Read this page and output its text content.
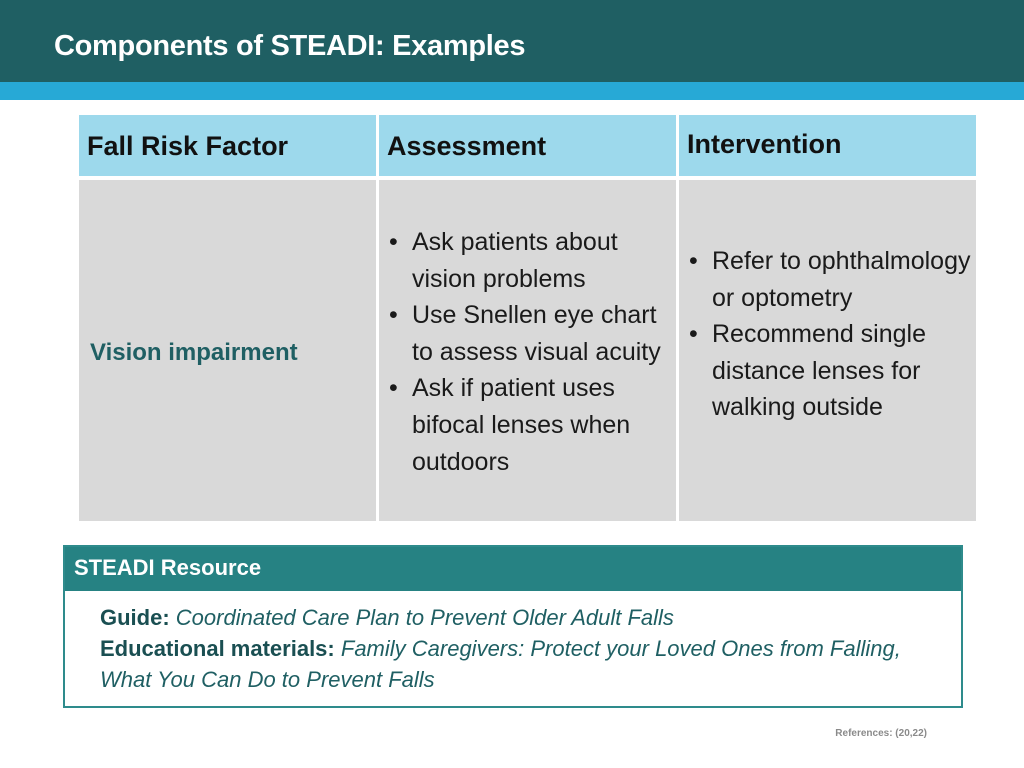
Components of STEADI: Examples
Fall Risk Factor	Assessment	Intervention
Vision impairment
• Ask patients about vision problems
• Use Snellen eye chart to assess visual acuity
• Ask if patient uses bifocal lenses when outdoors
• Refer to ophthalmology or optometry
• Recommend single distance lenses for walking outside
STEADI Resource
Guide: Coordinated Care Plan to Prevent Older Adult Falls
Educational materials: Family Caregivers: Protect your Loved Ones from Falling, What You Can Do to Prevent Falls
References: (20,22)
